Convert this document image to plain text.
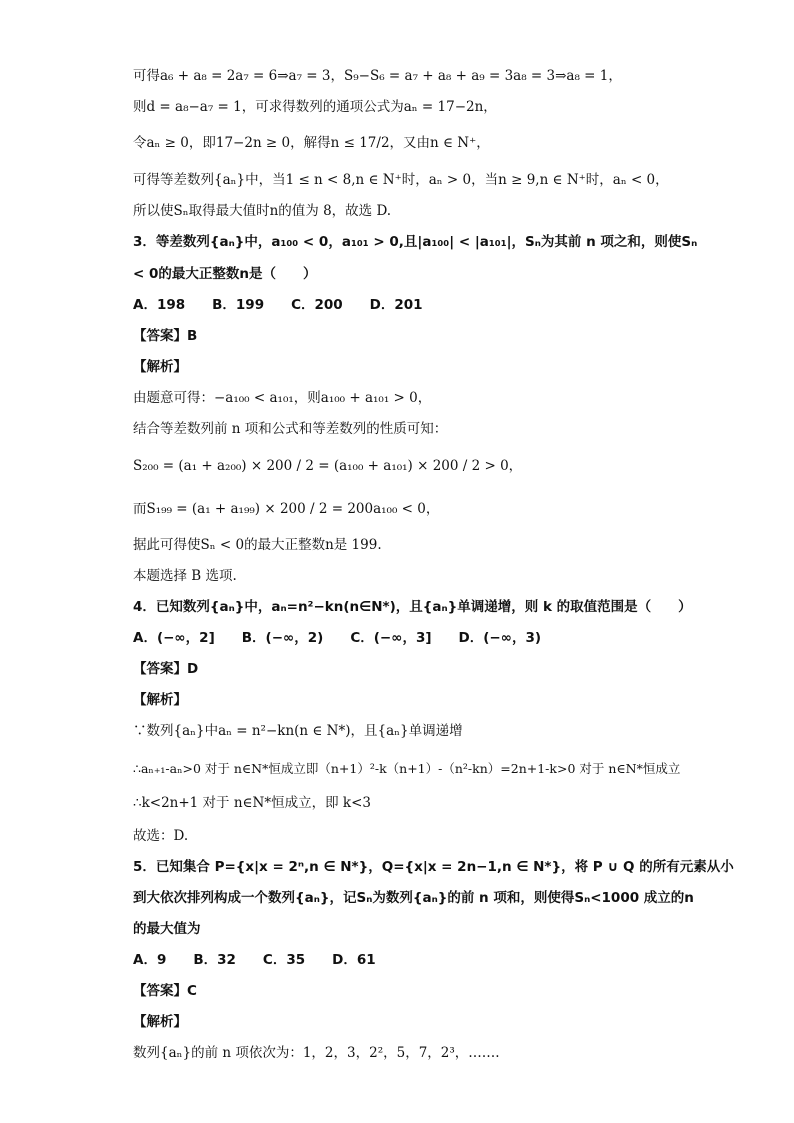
可得a₆ + a₈ = 2a₇ = 6⇒a₇ = 3，S₉−S₆ = a₇ + a₈ + a₉ = 3a₈ = 3⇒a₈ = 1，
则d = a₈−a₇ = 1，可求得数列的通项公式为aₙ = 17−2n，
令aₙ ≥ 0，即17−2n ≥ 0，解得n ≤ 17/2，又由n ∈ N⁺，
可得等差数列{aₙ}中，当1 ≤ n < 8,n ∈ N⁺时，aₙ > 0，当n ≥ 9,n ∈ N⁺时，aₙ < 0，
所以使Sₙ取得最大值时n的值为 8，故选 D.
3．等差数列{aₙ}中，a₁₀₀ < 0，a₁₀₁ > 0,且|a₁₀₀| < |a₁₀₁|，Sₙ为其前 n 项之和，则使Sₙ
< 0的最大正整数n是（　　）
A．198　　B．199　　C．200　　D．201
【答案】B
【解析】
由题意可得：−a₁₀₀ < a₁₀₁，则a₁₀₀ + a₁₀₁ > 0，
结合等差数列前 n 项和公式和等差数列的性质可知：
S₂₀₀ = (a₁ + a₂₀₀) × 200 / 2 = (a₁₀₀ + a₁₀₁) × 200 / 2 > 0，
而S₁₉₉ = (a₁ + a₁₉₉) × 200 / 2 = 200a₁₀₀ < 0，
据此可得使Sₙ < 0的最大正整数n是 199.
本题选择 B 选项.
4．已知数列{aₙ}中，aₙ=n²−kn(n∈N*)，且{aₙ}单调递增，则 k 的取值范围是（　　）
A．(−∞，2]　　B．(−∞，2)　　C．(−∞，3]　　D．(−∞，3)
【答案】D
【解析】
∵数列{aₙ}中aₙ = n²−kn(n ∈ N*)，且{aₙ}单调递增
∴aₙ₊₁-aₙ>0 对于 n∈N*恒成立即（n+1）²-k（n+1）-（n²-kn）=2n+1-k>0 对于 n∈N*恒成立
∴k<2n+1 对于 n∈N*恒成立，即 k<3
故选：D.
5．已知集合 P={x|x = 2ⁿ,n ∈ N*}，Q={x|x = 2n−1,n ∈ N*}，将 P ∪ Q 的所有元素从小
到大依次排列构成一个数列{aₙ}，记Sₙ为数列{aₙ}的前 n 项和，则使得Sₙ<1000 成立的n
的最大值为
A．9　　B．32　　C．35　　D．61
【答案】C
【解析】
数列{aₙ}的前 n 项依次为：1，2，3，2²，5，7，2³，…….
